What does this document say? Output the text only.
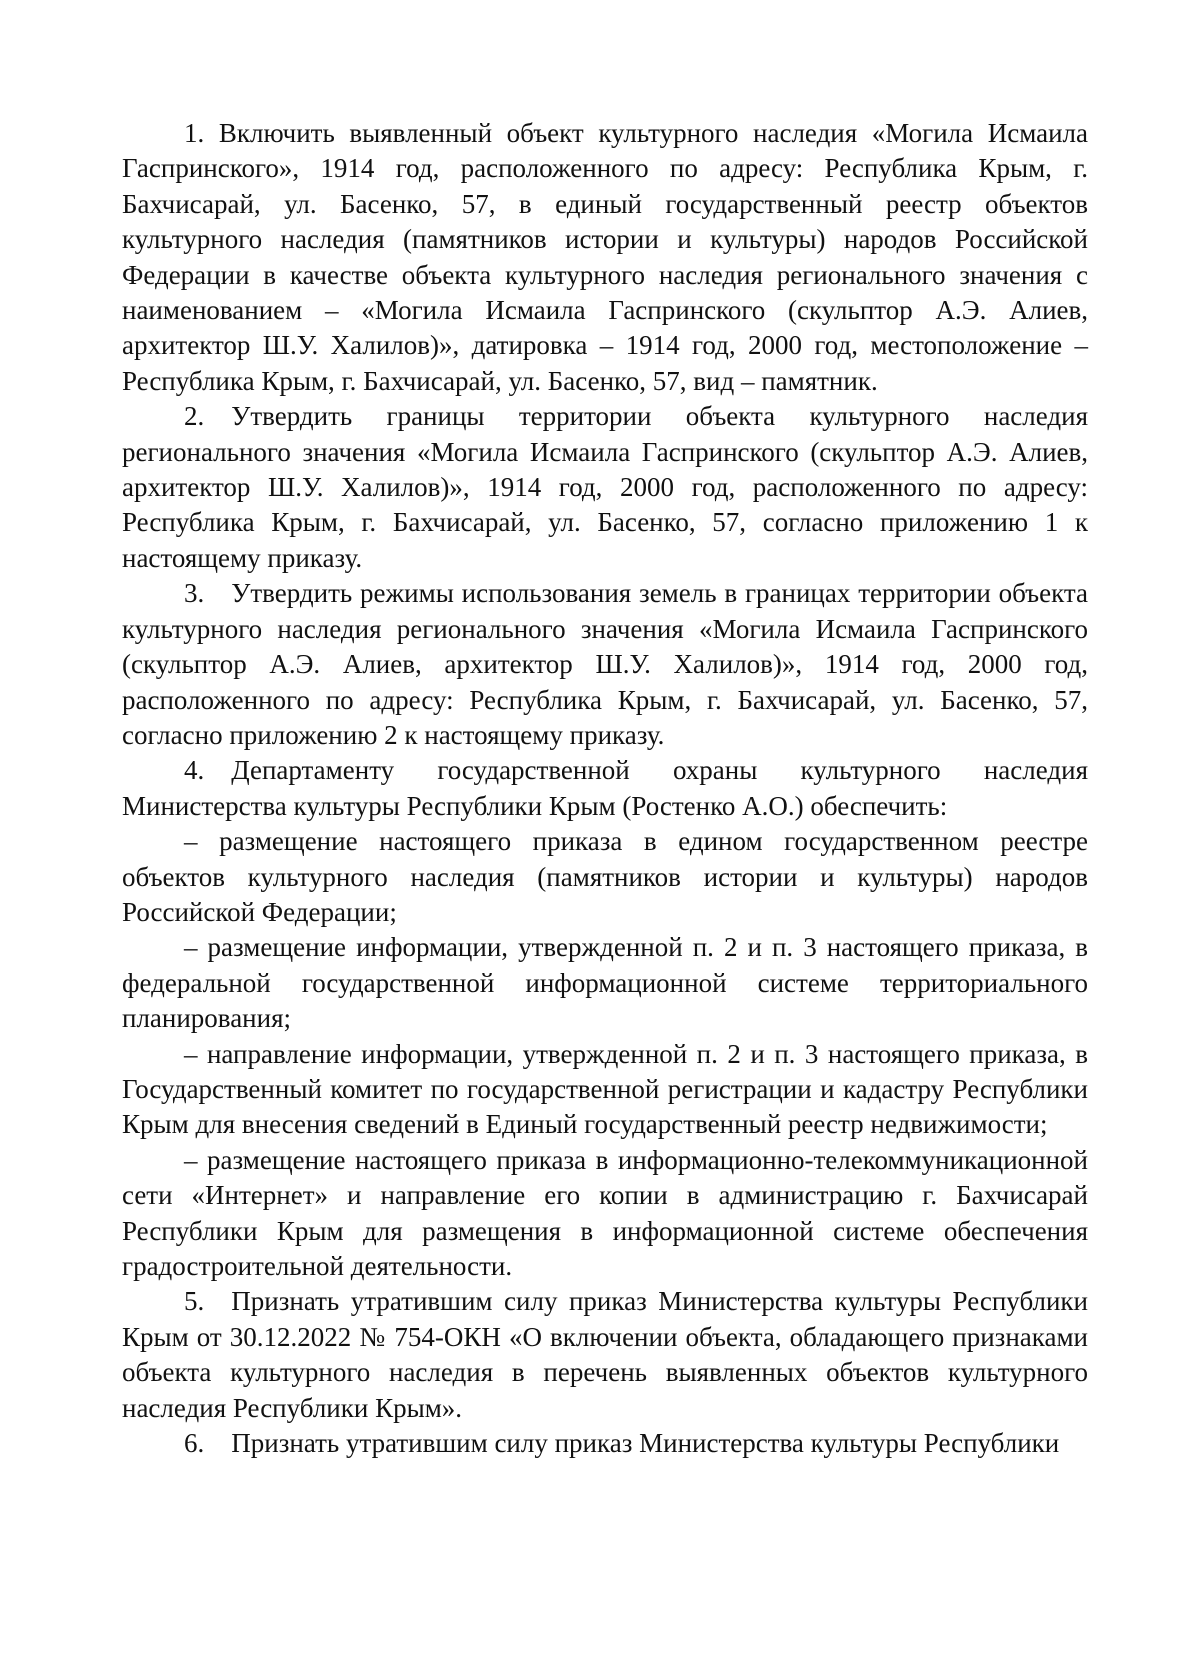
1. Включить выявленный объект культурного наследия «Могила Исмаила Гаспринского», 1914 год, расположенного по адресу: Республика Крым, г. Бахчисарай, ул. Басенко, 57, в единый государственный реестр объектов культурного наследия (памятников истории и культуры) народов Российской Федерации в качестве объекта культурного наследия регионального значения с наименованием – «Могила Исмаила Гаспринского (скульптор А.Э. Алиев, архитектор Ш.У. Халилов)», датировка – 1914 год, 2000 год, местоположение – Республика Крым, г. Бахчисарай, ул. Басенко, 57, вид – памятник.

2. Утвердить границы территории объекта культурного наследия регионального значения «Могила Исмаила Гаспринского (скульптор А.Э. Алиев, архитектор Ш.У. Халилов)», 1914 год, 2000 год, расположенного по адресу: Республика Крым, г. Бахчисарай, ул. Басенко, 57, согласно приложению 1 к настоящему приказу.

3. Утвердить режимы использования земель в границах территории объекта культурного наследия регионального значения «Могила Исмаила Гаспринского (скульптор А.Э. Алиев, архитектор Ш.У. Халилов)», 1914 год, 2000 год, расположенного по адресу: Республика Крым, г. Бахчисарай, ул. Басенко, 57, согласно приложению 2 к настоящему приказу.

4. Департаменту государственной охраны культурного наследия Министерства культуры Республики Крым (Ростенко А.О.) обеспечить:

– размещение настоящего приказа в едином государственном реестре объектов культурного наследия (памятников истории и культуры) народов Российской Федерации;

– размещение информации, утвержденной п. 2 и п. 3 настоящего приказа, в федеральной государственной информационной системе территориального планирования;

– направление информации, утвержденной п. 2 и п. 3 настоящего приказа, в Государственный комитет по государственной регистрации и кадастру Республики Крым для внесения сведений в Единый государственный реестр недвижимости;

– размещение настоящего приказа в информационно-телекоммуникационной сети «Интернет» и направление его копии в администрацию г. Бахчисарай Республики Крым для размещения в информационной системе обеспечения градостроительной деятельности.

5. Признать утратившим силу приказ Министерства культуры Республики Крым от 30.12.2022 № 754-ОКН «О включении объекта, обладающего признаками объекта культурного наследия в перечень выявленных объектов культурного наследия Республики Крым».

6. Признать утратившим силу приказ Министерства культуры Республики
